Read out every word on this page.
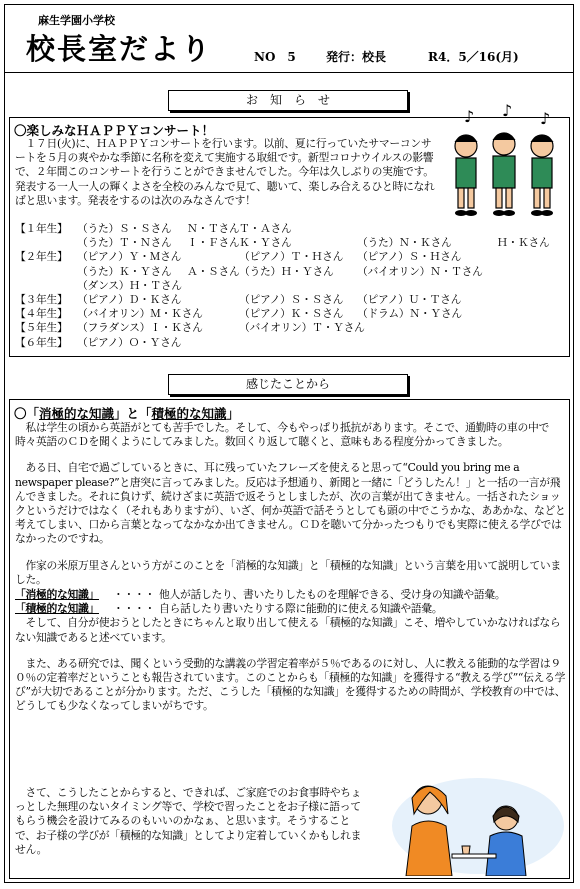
麻生学園小学校
校長室だより	NO　5	発行：校長	R4．5／16(月)
お　知　ら　せ
〇楽しみなＨＡＰＰＹコンサート！
　１７日(火)に、ＨＡＰＰＹコンサートを行います。以前、夏に行っていたサマーコンサートを５月の爽やかな季節に名称を変えて実施する取組です。新型コロナウイルスの影響で、２年間このコンサートを行うことができませんでした。今年は久しぶりの実施です。発表する一人一人の輝くよさを全校のみんなで見て、聴いて、楽しみ合えるひと時になればと思います。発表をするのは次のみなさんです！
♪ ♪ ♪
【１年生】 （うた）Ｓ・Ｓさん	Ｎ・Ｔさん Ｔ・Ａさん
（うた）Ｔ・Ｎさん	Ｉ・Ｆさん Ｋ・Ｙさん	（うた）Ｎ・Ｋさん	Ｈ・Ｋさん
【２年生】 （ピアノ）Ｙ・Ｍさん	（ピアノ）Ｔ・Ｈさん	（ピアノ）Ｓ・Ｈさん
（うた）Ｋ・Ｙさん	Ａ・Ｓさん （うた）Ｈ・Ｙさん	（バイオリン）Ｎ・Ｔさん
（ダンス）Ｈ・Ｔさん
【３年生】 （ピアノ）Ｄ・Ｋさん	（ピアノ）Ｓ・Ｓさん	（ピアノ）Ｕ・Ｔさん
【４年生】 （バイオリン）Ｍ・Ｋさん	（ピアノ）Ｋ・Ｓさん	（ドラム）Ｎ・Ｙさん
【５年生】 （フラダンス）Ｉ・Ｋさん	（バイオリン）Ｔ・Ｙさん
【６年生】 （ピアノ）Ｏ・Ｙさん
感じたことから
〇「消極的な知識」と「積極的な知識」

　私は学生の頃から英語がとても苦手でした。そして、今もやっぱり抵抗があります。そこで、通勤時の車の中で時々英語のＣＤを聞くようにしてみました。数回くり返して聴くと、意味もある程度分かってきました。

　ある日、自宅で過ごしているときに、耳に残っていたフレーズを使えると思って“Could you bring me a newspaper please?”と唐突に言ってみました。反応は予想通り、新聞と一緒に「どうしたん！」と一括の一言が飛んできました。それに負けず、続けざまに英語で返そうとしましたが、次の言葉が出てきません。一括されたショックというだけではなく（それもありますが）、いざ、何か英語で話そうとしても頭の中でこうかな、ああかな、などと考えてしまい、口から言葉となってなかなか出てきません。ＣＤを聴いて分かったつもりでも実際に使える学びではなかったのですね。

　作家の米原万里さんという方がこのことを「消極的な知識」と「積極的な知識」という言葉を用いて説明していました。

「消極的な知識」	・・・・ 他人が話したり、書いたりしたものを理解できる、受け身の知識や語彙。
「積極的な知識」	・・・・ 自ら話したり書いたりする際に能動的に使える知識や語彙。

　そして、自分が使おうとしたときにちゃんと取り出して使える「積極的な知識」こそ、増やしていかなければならない知識であると述べています。

　また、ある研究では、聞くという受動的な講義の学習定着率が５％であるのに対し、人に教える能動的な学習は９０％の定着率だということも報告されています。このことからも「積極的な知識」を獲得する“教える学び”“伝える学び”が大切であることが分かります。ただ、こうした「積極的な知識」を獲得するための時間が、学校教育の中では、どうしても少なくなってしまいがちです。

　さて、こうしたことからすると、できれば、ご家庭でのお食事時やちょっとした無理のないタイミング等で、学校で習ったことをお子様に語ってもらう機会を設けてみるのもいいのかなぁ、と思います。そうすることで、お子様の学びが「積極的な知識」としてより定着していくかもしれません。
